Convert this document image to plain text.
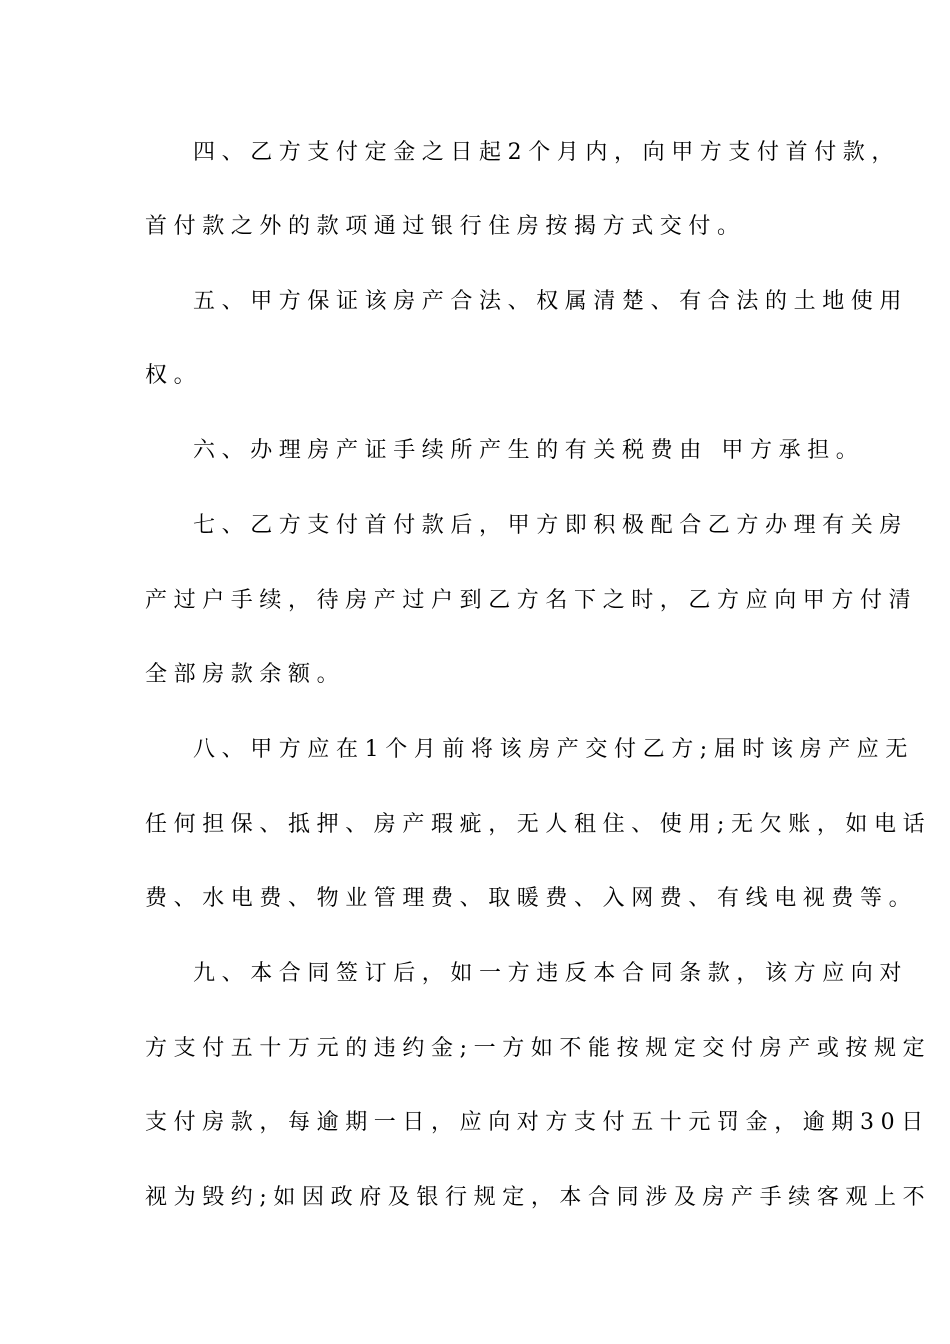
四、乙方支付定金之日起2个月内，向甲方支付首付款，
首付款之外的款项通过银行住房按揭方式交付。
五、甲方保证该房产合法、权属清楚、有合法的土地使用
权。
六、办理房产证手续所产生的有关税费由 甲方承担。
七、乙方支付首付款后，甲方即积极配合乙方办理有关房
产过户手续，待房产过户到乙方名下之时，乙方应向甲方付清
全部房款余额。
八、甲方应在1个月前将该房产交付乙方;届时该房产应无
任何担保、抵押、房产瑕疵，无人租住、使用;无欠账，如电话
费、水电费、物业管理费、取暖费、入网费、有线电视费等。
九、本合同签订后，如一方违反本合同条款，该方应向对
方支付五十万元的违约金;一方如不能按规定交付房产或按规定
支付房款，每逾期一日，应向对方支付五十元罚金，逾期30日
视为毁约;如因政府及银行规定，本合同涉及房产手续客观上不
